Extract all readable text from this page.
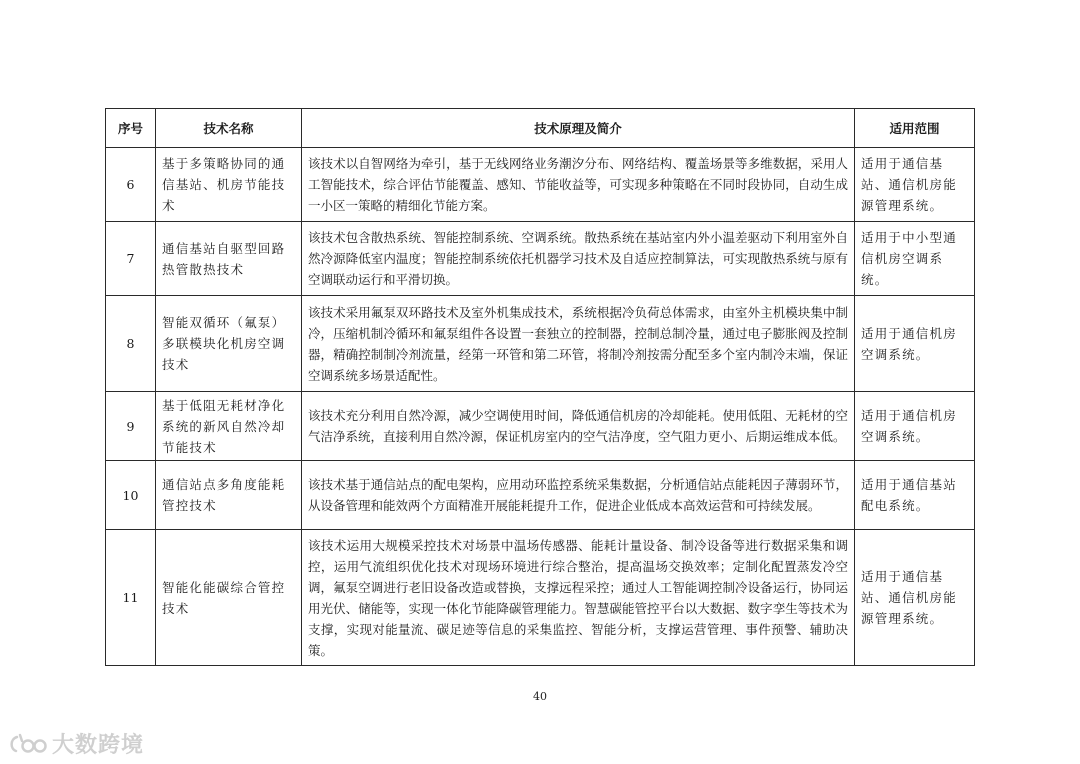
序号	技术名称	技术原理及简介	适用范围
6	基于多策略协同的通信基站、机房节能技术	该技术以自智网络为牵引，基于无线网络业务潮汐分布、网络结构、覆盖场景等多维数据，采用人工智能技术，综合评估节能覆盖、感知、节能收益等，可实现多种策略在不同时段协同，自动生成一小区一策略的精细化节能方案。	适用于通信基站、通信机房能源管理系统。
7	通信基站自驱型回路热管散热技术	该技术包含散热系统、智能控制系统、空调系统。散热系统在基站室内外小温差驱动下利用室外自然冷源降低室内温度；智能控制系统依托机器学习技术及自适应控制算法，可实现散热系统与原有空调联动运行和平滑切换。	适用于中小型通信机房空调系统。
8	智能双循环（氟泵）多联模块化机房空调技术	该技术采用氟泵双环路技术及室外机集成技术，系统根据冷负荷总体需求，由室外主机模块集中制冷，压缩机制冷循环和氟泵组件各设置一套独立的控制器，控制总制冷量，通过电子膨胀阀及控制器，精确控制制冷剂流量，经第一环管和第二环管，将制冷剂按需分配至多个室内制冷末端，保证空调系统多场景适配性。	适用于通信机房空调系统。
9	基于低阻无耗材净化系统的新风自然冷却节能技术	该技术充分利用自然冷源，减少空调使用时间，降低通信机房的冷却能耗。使用低阻、无耗材的空气洁净系统，直接利用自然冷源，保证机房室内的空气洁净度，空气阻力更小、后期运维成本低。	适用于通信机房空调系统。
10	通信站点多角度能耗管控技术	该技术基于通信站点的配电架构，应用动环监控系统采集数据，分析通信站点能耗因子薄弱环节，从设备管理和能效两个方面精准开展能耗提升工作，促进企业低成本高效运营和可持续发展。	适用于通信基站配电系统。
11	智能化能碳综合管控技术	该技术运用大规模采控技术对场景中温场传感器、能耗计量设备、制冷设备等进行数据采集和调控，运用气流组织优化技术对现场环境进行综合整治，提高温场交换效率；定制化配置蒸发冷空调，氟泵空调进行老旧设备改造或替换，支撑远程采控；通过人工智能调控制冷设备运行，协同运用光伏、储能等，实现一体化节能降碳管理能力。智慧碳能管控平台以大数据、数字孪生等技术为支撑，实现对能量流、碳足迹等信息的采集监控、智能分析，支撑运营管理、事件预警、辅助决策。	适用于通信基站、通信机房能源管理系统。
40
大数跨境
